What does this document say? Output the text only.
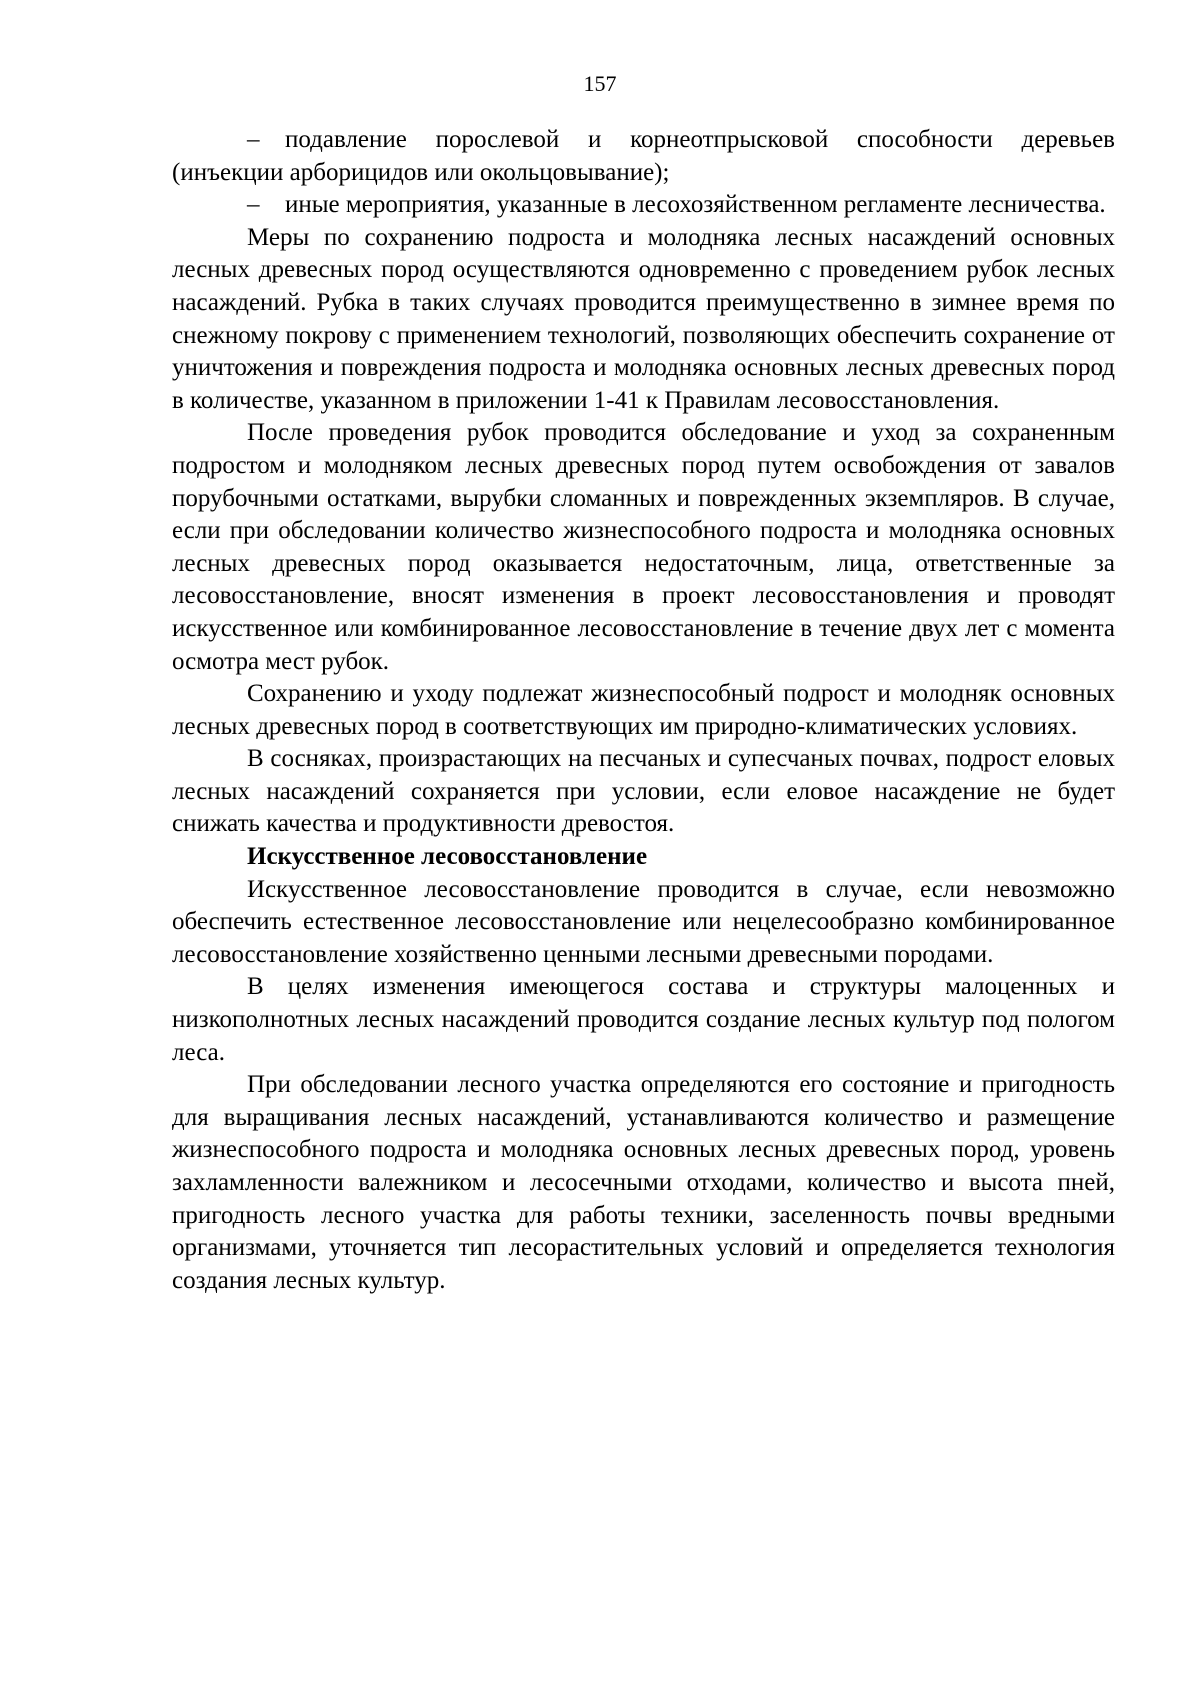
157

– подавление порослевой и корнеотпрысковой способности деревьев (инъекции арборицидов или окольцовывание);

– иные мероприятия, указанные в лесохозяйственном регламенте лесничества.

Меры по сохранению подроста и молодняка лесных насаждений основных лесных древесных пород осуществляются одновременно с проведением рубок лесных насаждений. Рубка в таких случаях проводится преимущественно в зимнее время по снежному покрову с применением технологий, позволяющих обеспечить сохранение от уничтожения и повреждения подроста и молодняка основных лесных древесных пород в количестве, указанном в приложении 1-41 к Правилам лесовосстановления.

После проведения рубок проводится обследование и уход за сохраненным подростом и молодняком лесных древесных пород путем освобождения от завалов порубочными остатками, вырубки сломанных и поврежденных экземпляров. В случае, если при обследовании количество жизнеспособного подроста и молодняка основных лесных древесных пород оказывается недостаточным, лица, ответственные за лесовосстановление, вносят изменения в проект лесовосстановления и проводят искусственное или комбинированное лесовосстановление в течение двух лет с момента осмотра мест рубок.

Сохранению и уходу подлежат жизнеспособный подрост и молодняк основных лесных древесных пород в соответствующих им природно-климатических условиях.

В сосняках, произрастающих на песчаных и супесчаных почвах, подрост еловых лесных насаждений сохраняется при условии, если еловое насаждение не будет снижать качества и продуктивности древостоя.

Искусственное лесовосстановление

Искусственное лесовосстановление проводится в случае, если невозможно обеспечить естественное лесовосстановление или нецелесообразно комбинированное лесовосстановление хозяйственно ценными лесными древесными породами.

В целях изменения имеющегося состава и структуры малоценных и низкополнотных лесных насаждений проводится создание лесных культур под пологом леса.

При обследовании лесного участка определяются его состояние и пригодность для выращивания лесных насаждений, устанавливаются количество и размещение жизнеспособного подроста и молодняка основных лесных древесных пород, уровень захламленности валежником и лесосечными отходами, количество и высота пней, пригодность лесного участка для работы техники, заселенность почвы вредными организмами, уточняется тип лесорастительных условий и определяется технология создания лесных культур.
